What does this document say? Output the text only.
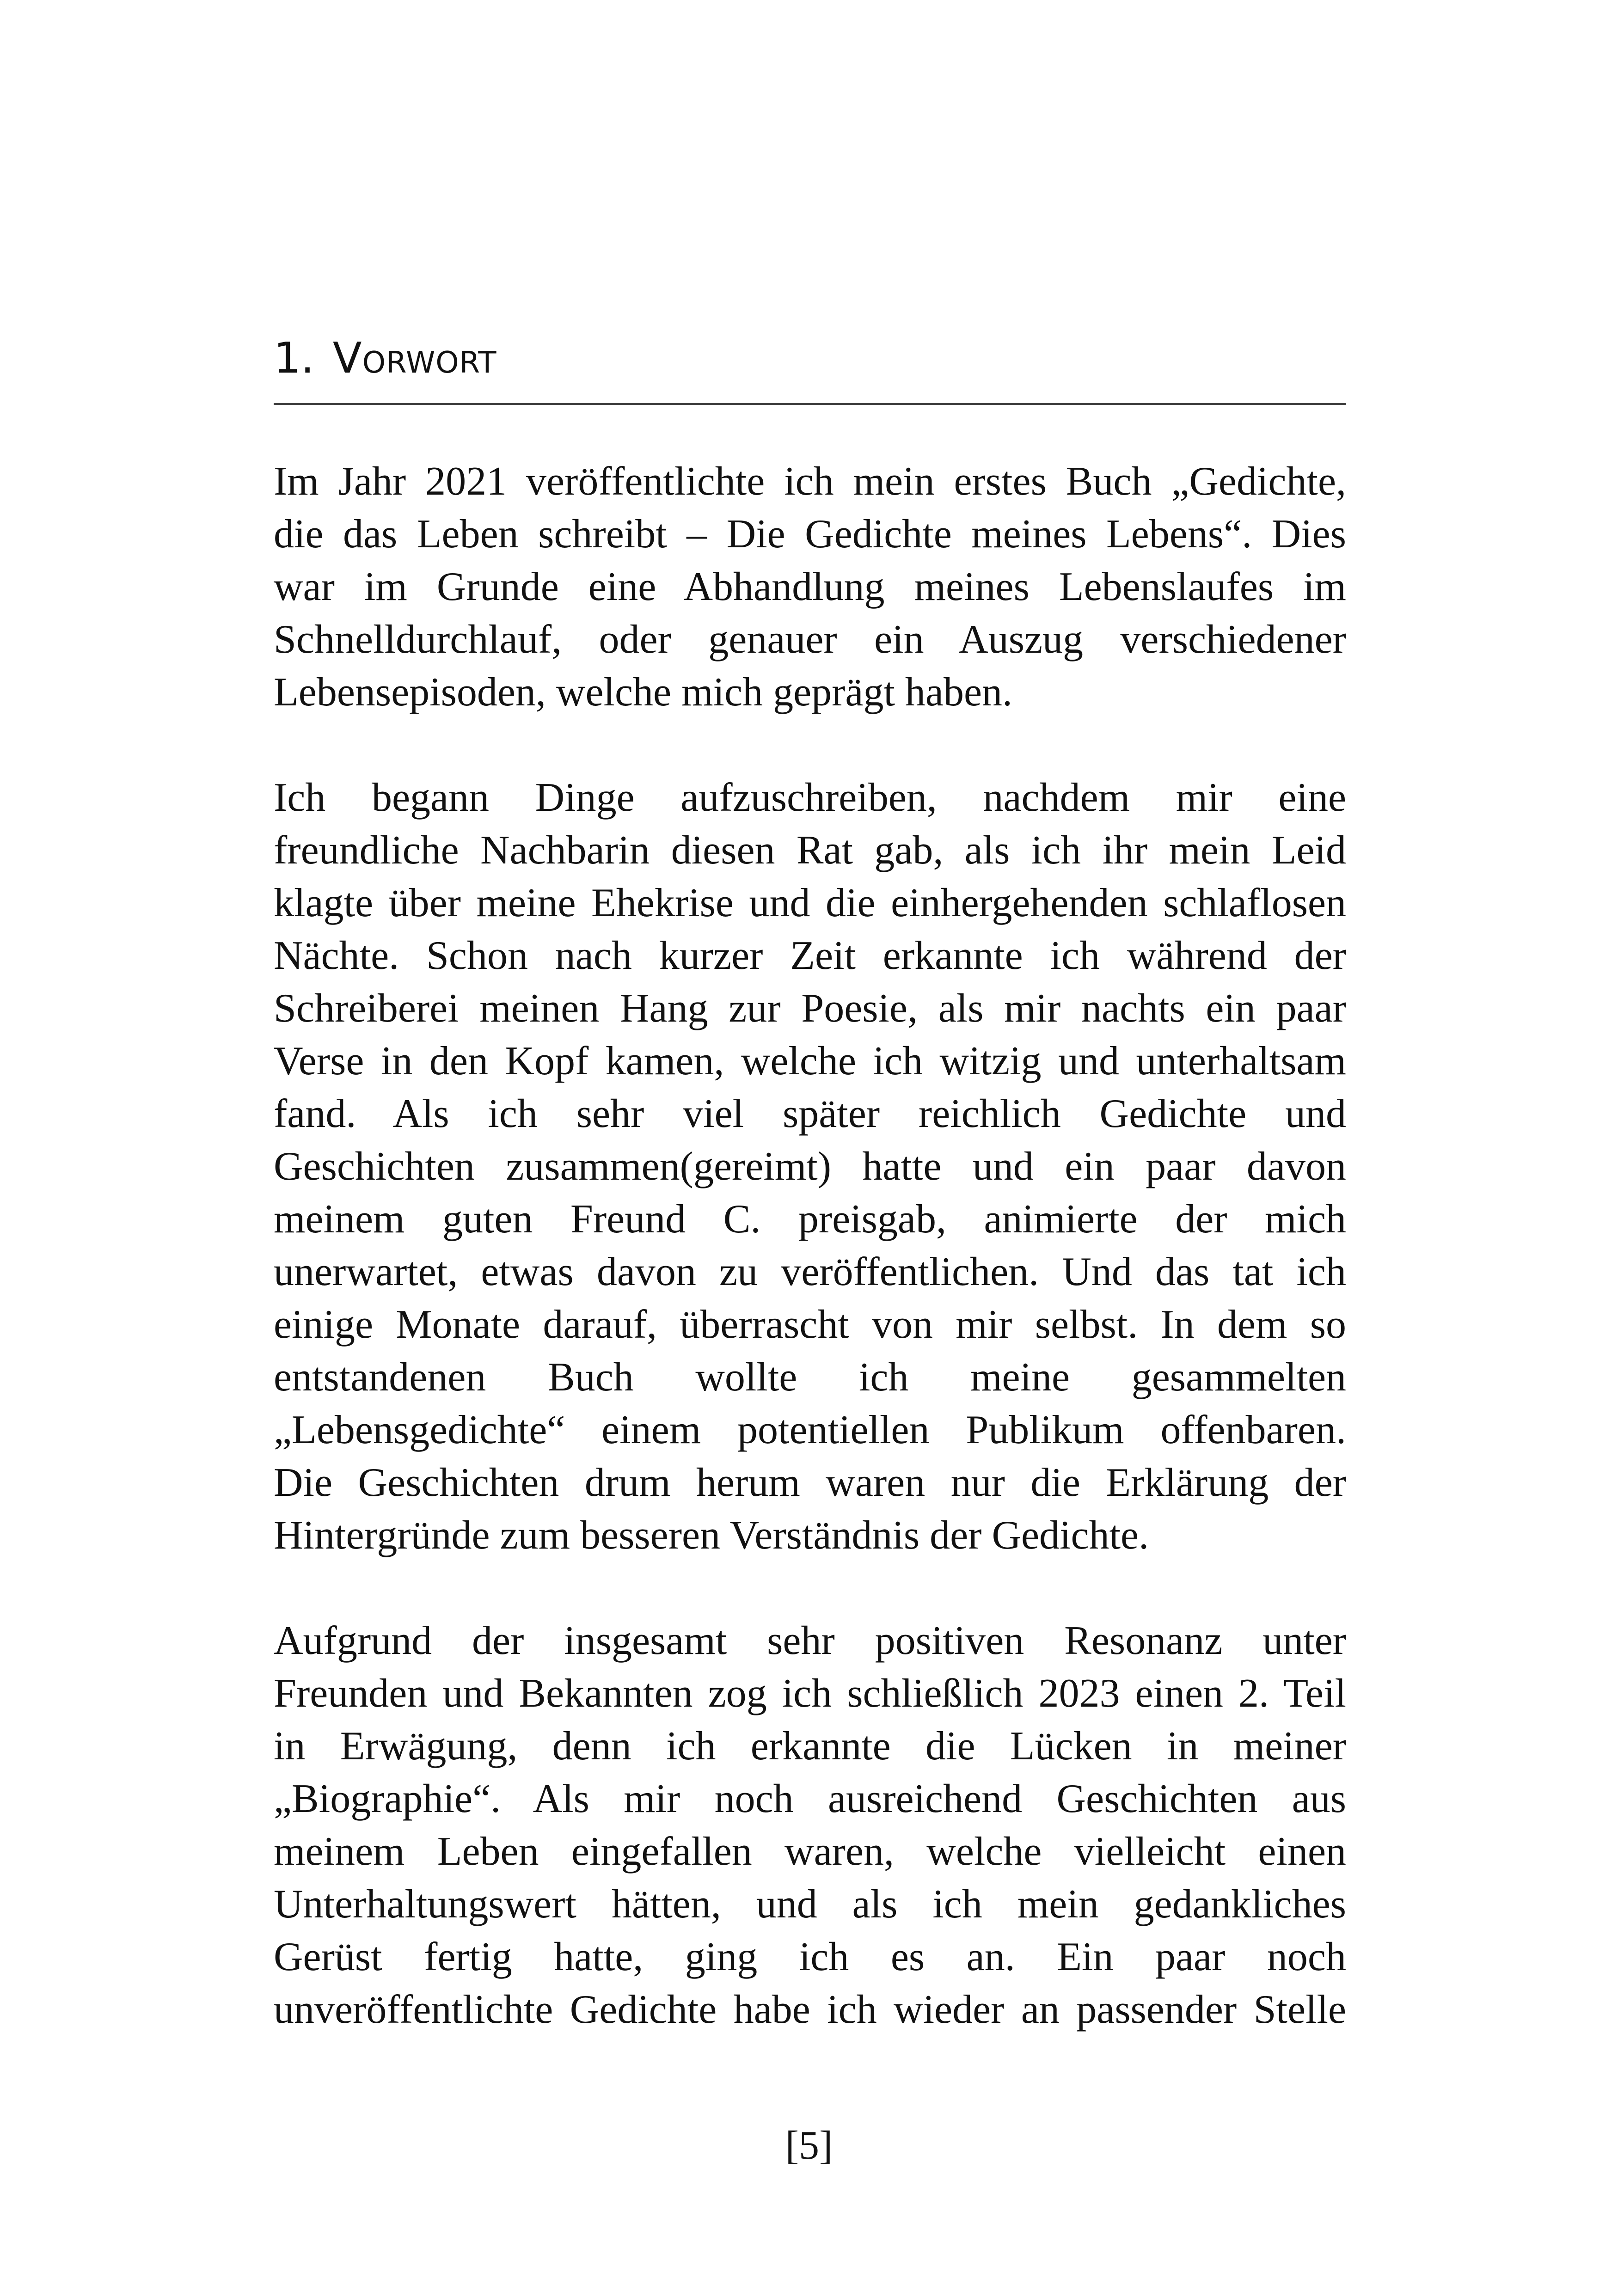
1. Vorwort
Im Jahr 2021 veröffentlichte ich mein erstes Buch „Gedichte,
die das Leben schreibt – Die Gedichte meines Lebens“. Dies
war im Grunde eine Abhandlung meines Lebenslaufes im
Schnelldurchlauf, oder genauer ein Auszug verschiedener
Lebensepisoden, welche mich geprägt haben.
Ich begann Dinge aufzuschreiben, nachdem mir eine
freundliche Nachbarin diesen Rat gab, als ich ihr mein Leid
klagte über meine Ehekrise und die einhergehenden schlaflosen
Nächte. Schon nach kurzer Zeit erkannte ich während der
Schreiberei meinen Hang zur Poesie, als mir nachts ein paar
Verse in den Kopf kamen, welche ich witzig und unterhaltsam
fand. Als ich sehr viel später reichlich Gedichte und
Geschichten zusammen(gereimt) hatte und ein paar davon
meinem guten Freund C. preisgab, animierte der mich
unerwartet, etwas davon zu veröffentlichen. Und das tat ich
einige Monate darauf, überrascht von mir selbst. In dem so
entstandenen Buch wollte ich meine gesammelten
„Lebensgedichte“ einem potentiellen Publikum offenbaren.
Die Geschichten drum herum waren nur die Erklärung der
Hintergründe zum besseren Verständnis der Gedichte.
Aufgrund der insgesamt sehr positiven Resonanz unter
Freunden und Bekannten zog ich schließlich 2023 einen 2. Teil
in Erwägung, denn ich erkannte die Lücken in meiner
„Biographie“. Als mir noch ausreichend Geschichten aus
meinem Leben eingefallen waren, welche vielleicht einen
Unterhaltungswert hätten, und als ich mein gedankliches
Gerüst fertig hatte, ging ich es an. Ein paar noch
unveröffentlichte Gedichte habe ich wieder an passender Stelle
[5]
